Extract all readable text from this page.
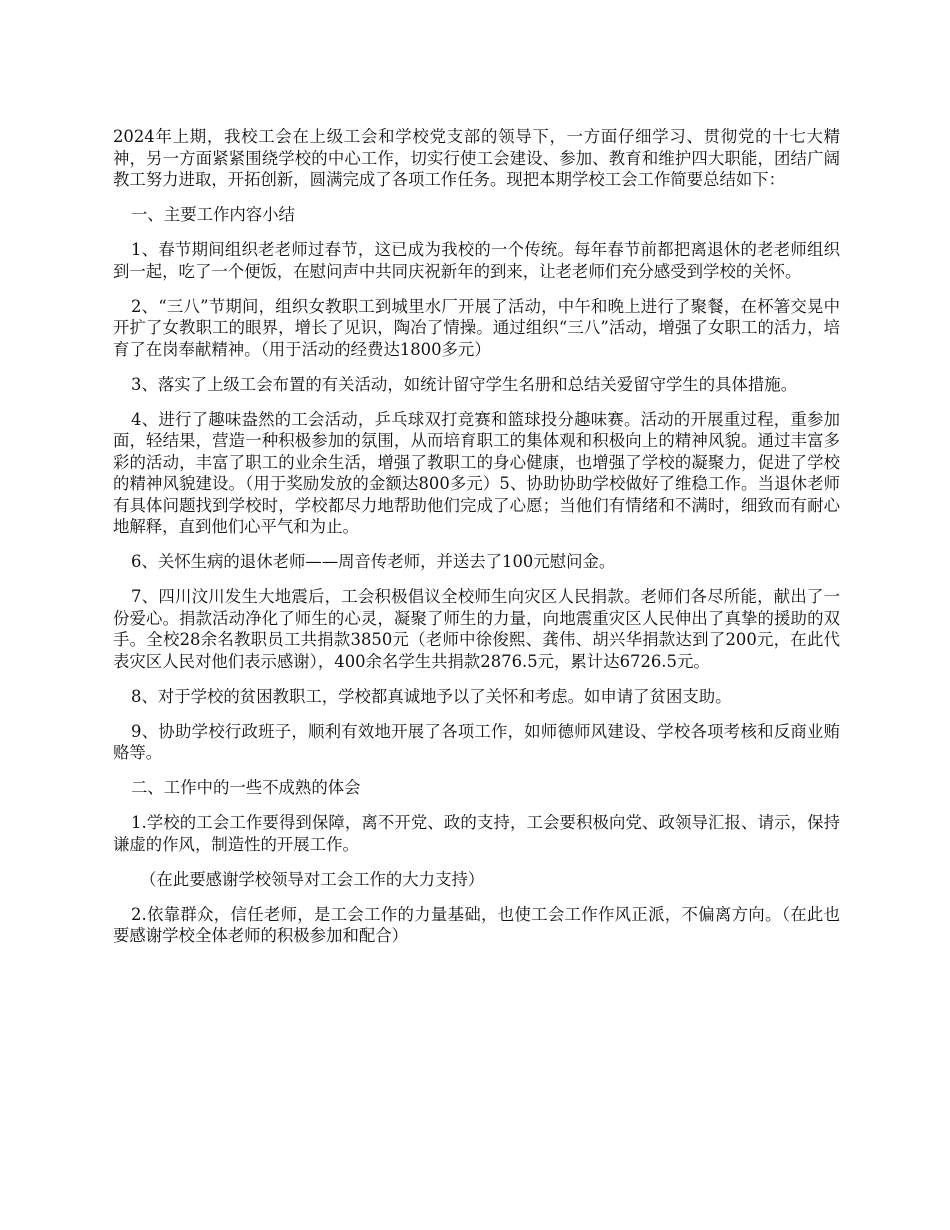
2024年上期，我校工会在上级工会和学校党支部的领导下，一方面仔细学习、贯彻党的十七大精神，另一方面紧紧围绕学校的中心工作，切实行使工会建设、参加、教育和维护四大职能，团结广阔教工努力进取，开拓创新，圆满完成了各项工作任务。现把本期学校工会工作简要总结如下：

一、主要工作内容小结

1、春节期间组织老老师过春节，这已成为我校的一个传统。每年春节前都把离退休的老老师组织到一起，吃了一个便饭，在慰问声中共同庆祝新年的到来，让老老师们充分感受到学校的关怀。

2、“三八”节期间，组织女教职工到城里水厂开展了活动，中午和晚上进行了聚餐，在杯箸交晃中开扩了女教职工的眼界，增长了见识，陶冶了情操。通过组织“三八”活动，增强了女职工的活力，培育了在岗奉献精神。（用于活动的经费达1800多元）

3、落实了上级工会布置的有关活动，如统计留守学生名册和总结关爱留守学生的具体措施。

4、进行了趣味盎然的工会活动，乒乓球双打竞赛和篮球投分趣味赛。活动的开展重过程，重参加面，轻结果，营造一种积极参加的氛围，从而培育职工的集体观和积极向上的精神风貌。通过丰富多彩的活动，丰富了职工的业余生活，增强了教职工的身心健康，也增强了学校的凝聚力，促进了学校的精神风貌建设。（用于奖励发放的金额达800多元）5、协助协助学校做好了维稳工作。当退休老师有具体问题找到学校时，学校都尽力地帮助他们完成了心愿；当他们有情绪和不满时，细致而有耐心地解释，直到他们心平气和为止。

6、关怀生病的退休老师——周音传老师，并送去了100元慰问金。

7、四川汶川发生大地震后，工会积极倡议全校师生向灾区人民捐款。老师们各尽所能，献出了一份爱心。捐款活动净化了师生的心灵，凝聚了师生的力量，向地震重灾区人民伸出了真挚的援助的双手。全校28余名教职员工共捐款3850元（老师中徐俊熙、龚伟、胡兴华捐款达到了200元，在此代表灾区人民对他们表示感谢），400余名学生共捐款2876.5元，累计达6726.5元。

8、对于学校的贫困教职工，学校都真诚地予以了关怀和考虑。如申请了贫困支助。

9、协助学校行政班子，顺利有效地开展了各项工作，如师德师风建设、学校各项考核和反商业贿赂等。

二、工作中的一些不成熟的体会

1.学校的工会工作要得到保障，离不开党、政的支持，工会要积极向党、政领导汇报、请示，保持谦虚的作风，制造性的开展工作。

（在此要感谢学校领导对工会工作的大力支持）

2.依靠群众，信任老师，是工会工作的力量基础，也使工会工作作风正派，不偏离方向。（在此也要感谢学校全体老师的积极参加和配合）
